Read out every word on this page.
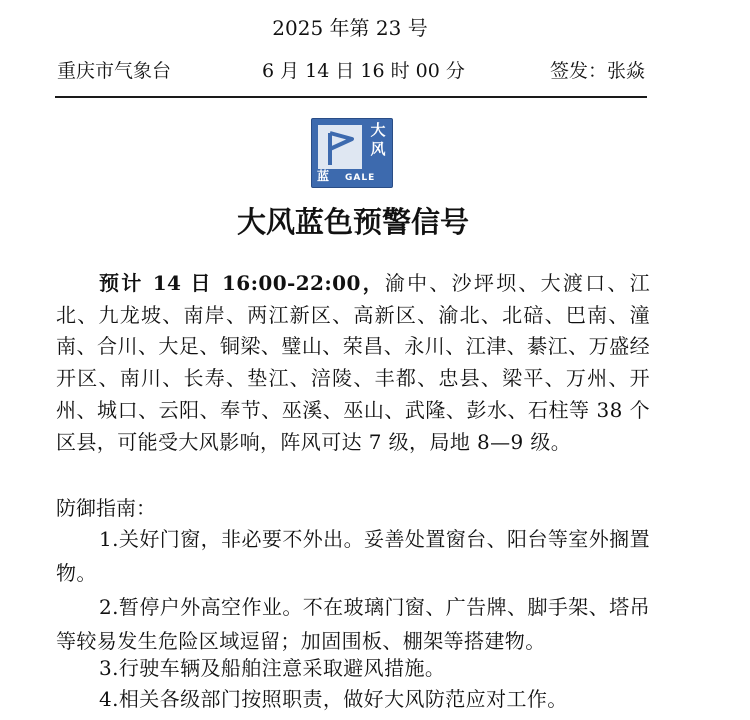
2025 年第 23 号
重庆市气象台	6 月 14 日 16 时 00 分	签发：张焱
大
风
蓝 GALE
大风蓝色预警信号
预计 14 日 16:00-22:00，渝中、沙坪坝、大渡口、江北、九龙坡、南岸、两江新区、高新区、渝北、北碚、巴南、潼南、合川、大足、铜梁、璧山、荣昌、永川、江津、綦江、万盛经开区、南川、长寿、垫江、涪陵、丰都、忠县、梁平、万州、开州、城口、云阳、奉节、巫溪、巫山、武隆、彭水、石柱等 38 个区县，可能受大风影响，阵风可达 7 级，局地 8—9 级。
防御指南：
1.关好门窗，非必要不外出。妥善处置窗台、阳台等室外搁置物。
2.暂停户外高空作业。不在玻璃门窗、广告牌、脚手架、塔吊等较易发生危险区域逗留；加固围板、棚架等搭建物。
3.行驶车辆及船舶注意采取避风措施。
4.相关各级部门按照职责，做好大风防范应对工作。
